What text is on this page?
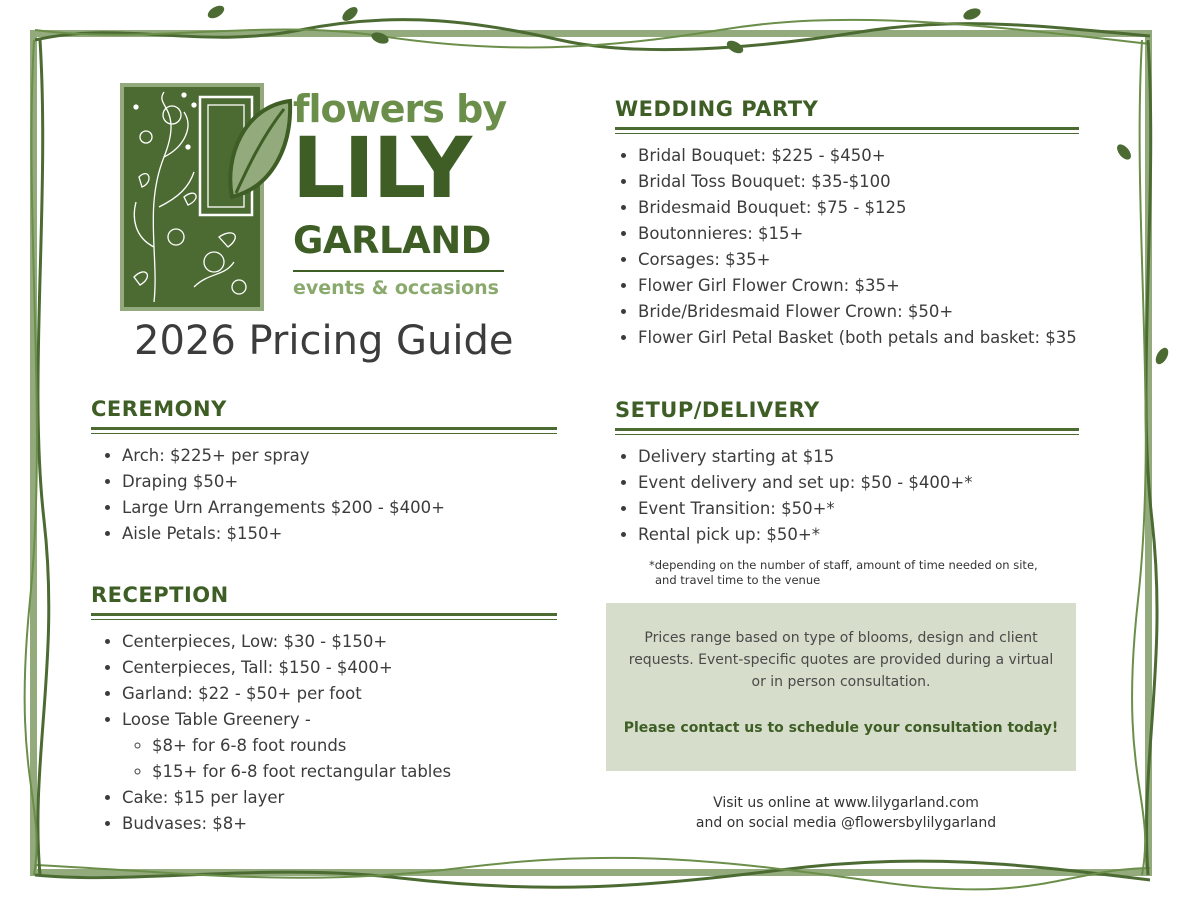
flowers by
LILY
GARLAND
events & occasions
2026 Pricing Guide
CEREMONY
• Arch: $225+ per spray
• Draping $50+
• Large Urn Arrangements $200 - $400+
• Aisle Petals: $150+
RECEPTION
• Centerpieces, Low: $30 - $150+
• Centerpieces, Tall: $150 - $400+
• Garland: $22 - $50+ per foot
• Loose Table Greenery -
◦ $8+ for 6-8 foot rounds
◦ $15+ for 6-8 foot rectangular tables
• Cake: $15 per layer
• Budvases: $8+
WEDDING PARTY
• Bridal Bouquet: $225 - $450+
• Bridal Toss Bouquet: $35-$100
• Bridesmaid Bouquet: $75 - $125
• Boutonnieres: $15+
• Corsages: $35+
• Flower Girl Flower Crown: $35+
• Bride/Bridesmaid Flower Crown: $50+
• Flower Girl Petal Basket (both petals and basket: $35
SETUP/DELIVERY
• Delivery starting at $15
• Event delivery and set up: $50 - $400+*
• Event Transition: $50+*
• Rental pick up: $50+*
*depending on the number of staff, amount of time needed on site,
and travel time to the venue
Prices range based on type of blooms, design and client
requests. Event-specific quotes are provided during a virtual
or in person consultation.
Please contact us to schedule your consultation today!
Visit us online at www.lilygarland.com
and on social media @flowersbylilygarland
